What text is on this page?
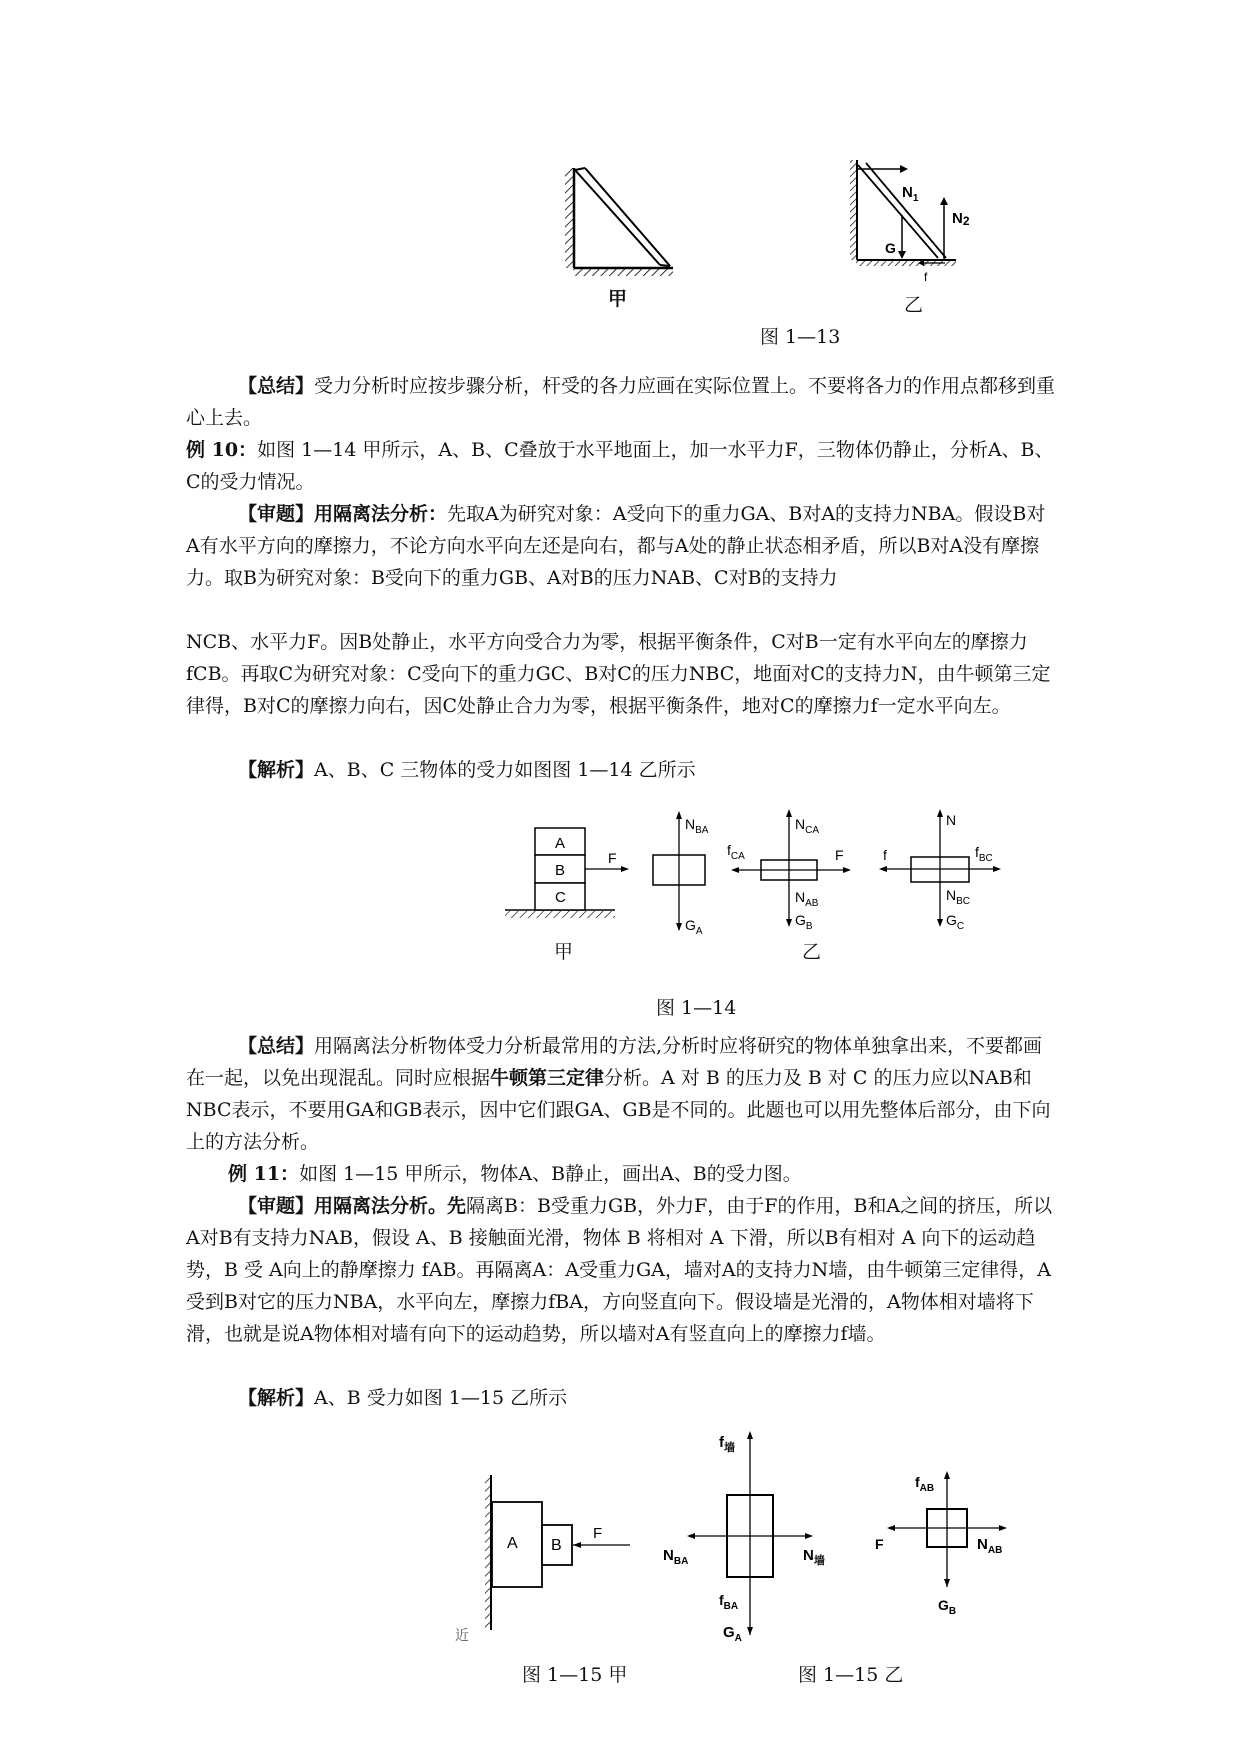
甲
$N_1$
N2
G
f
乙
图 1—13
【总结】受力分析时应按步骤分析，杆受的各力应画在实际位置上。不要将各力的作用点都移到重心上去。
例 10：如图 1—14 甲所示，A、B、C叠放于水平地面上，加一水平力F，三物体仍静止，分析A、B、C的受力情况。
【审题】用隔离法分析：先取A为研究对象：A受向下的重力GA、B对A的支持力NBA。假设B对A有水平方向的摩擦力，不论方向水平向左还是向右，都与A处的静止状态相矛盾，所以B对A没有摩擦力。取B为研究对象：B受向下的重力GB、A对B的压力NAB、C对B的支持力
NCB、水平力F。因B处静止，水平方向受合力为零，根据平衡条件，C对B一定有水平向左的摩擦力 fCB。再取C为研究对象：C受向下的重力GC、B对C的压力NBC，地面对C的支持力N，由牛顿第三定律得，B对C的摩擦力向右，因C处静止合力为零，根据平衡条件，地对C的摩擦力f一定水平向左。
【解析】A、B、C 三物体的受力如图图 1—14 乙所示
A
B
C
F
$N_{BA}$
$G_A$
$f_{CA}$
$N_{CA}$
F
$N_{AB}$
$G_B$
f
N
$f_{BC}$
$N_{BC}$
$G_C$
甲	乙
图 1—14
【总结】用隔离法分析物体受力分析最常用的方法,分析时应将研究的物体单独拿出来，不要都画在一起，以免出现混乱。同时应根据牛顿第三定律分析。A 对 B 的压力及 B 对 C 的压力应以NAB和NBC表示，不要用GA和GB表示，因中它们跟GA、GB是不同的。此题也可以用先整体后部分，由下向上的方法分析。
例 11：如图 1—15 甲所示，物体A、B静止，画出A、B的受力图。
【审题】用隔离法分析。先隔离B：B受重力GB，外力F，由于F的作用，B和A之间的挤压，所以A对B有支持力NAB，假设 A、B 接触面光滑，物体 B 将相对 A 下滑，所以B有相对 A 向下的运动趋势，B 受 A向上的静摩擦力 fAB。再隔离A：A受重力GA，墙对A的支持力N墙，由牛顿第三定律得，A受到B对它的压力NBA，水平向左，摩擦力fBA，方向竖直向下。假设墙是光滑的，A物体相对墙将下滑，也就是说A物体相对墙有向下的运动趋势，所以墙对A有竖直向上的摩擦力f墙。
【解析】A、B 受力如图 1—15 乙所示
A B
F
近
$f_墙$
$N_{BA}$	$N_墙$
$f_{BA}$
$G_A$
$f_{AB}$
F	$N_{AB}$
$G_B$
图 1—15 甲	图 1—15 乙
